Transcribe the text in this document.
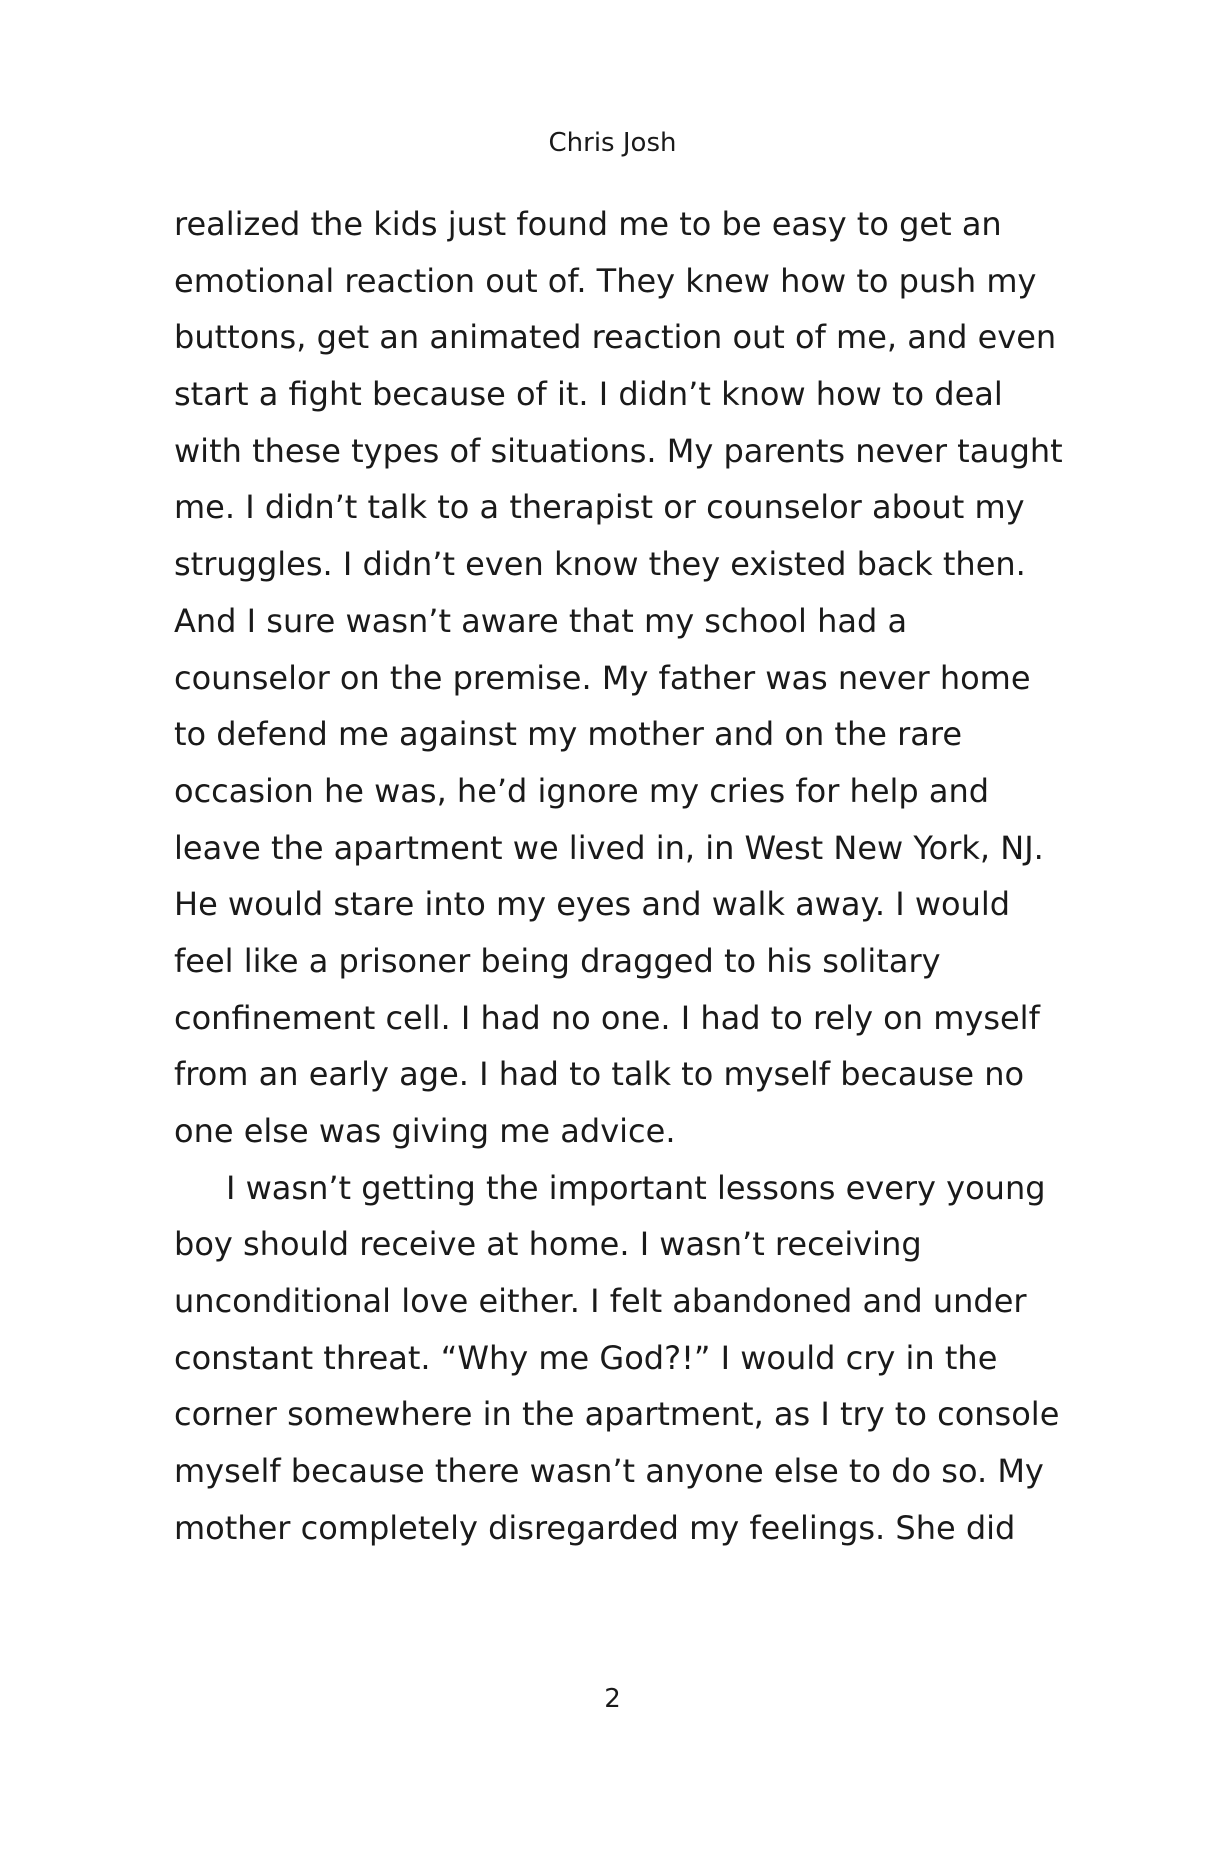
Chris Josh
realized the kids just found me to be easy to get an
emotional reaction out of. They knew how to push my
buttons, get an animated reaction out of me, and even
start a fight because of it. I didn’t know how to deal
with these types of situations. My parents never taught
me. I didn’t talk to a therapist or counselor about my
struggles. I didn’t even know they existed back then.
And I sure wasn’t aware that my school had a
counselor on the premise. My father was never home
to defend me against my mother and on the rare
occasion he was, he’d ignore my cries for help and
leave the apartment we lived in, in West New York, NJ.
He would stare into my eyes and walk away. I would
feel like a prisoner being dragged to his solitary
confinement cell. I had no one. I had to rely on myself
from an early age. I had to talk to myself because no
one else was giving me advice.
I wasn’t getting the important lessons every young
boy should receive at home. I wasn’t receiving
unconditional love either. I felt abandoned and under
constant threat. “Why me God?!” I would cry in the
corner somewhere in the apartment, as I try to console
myself because there wasn’t anyone else to do so. My
mother completely disregarded my feelings. She did
2
